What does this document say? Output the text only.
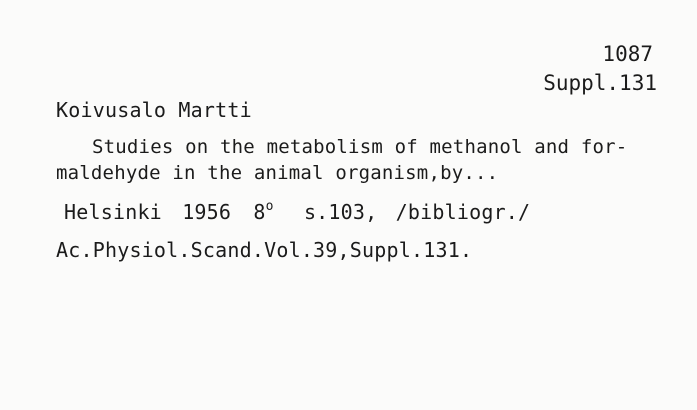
1087
Suppl.131
Koivusalo Martti
Studies on the metabolism of methanol and for-
maldehyde in the animal organism,by...
Helsinki 1956 8$^o$ s.103, /bibliogr./
Ac.Physiol.Scand.Vol.39,Suppl.131.
